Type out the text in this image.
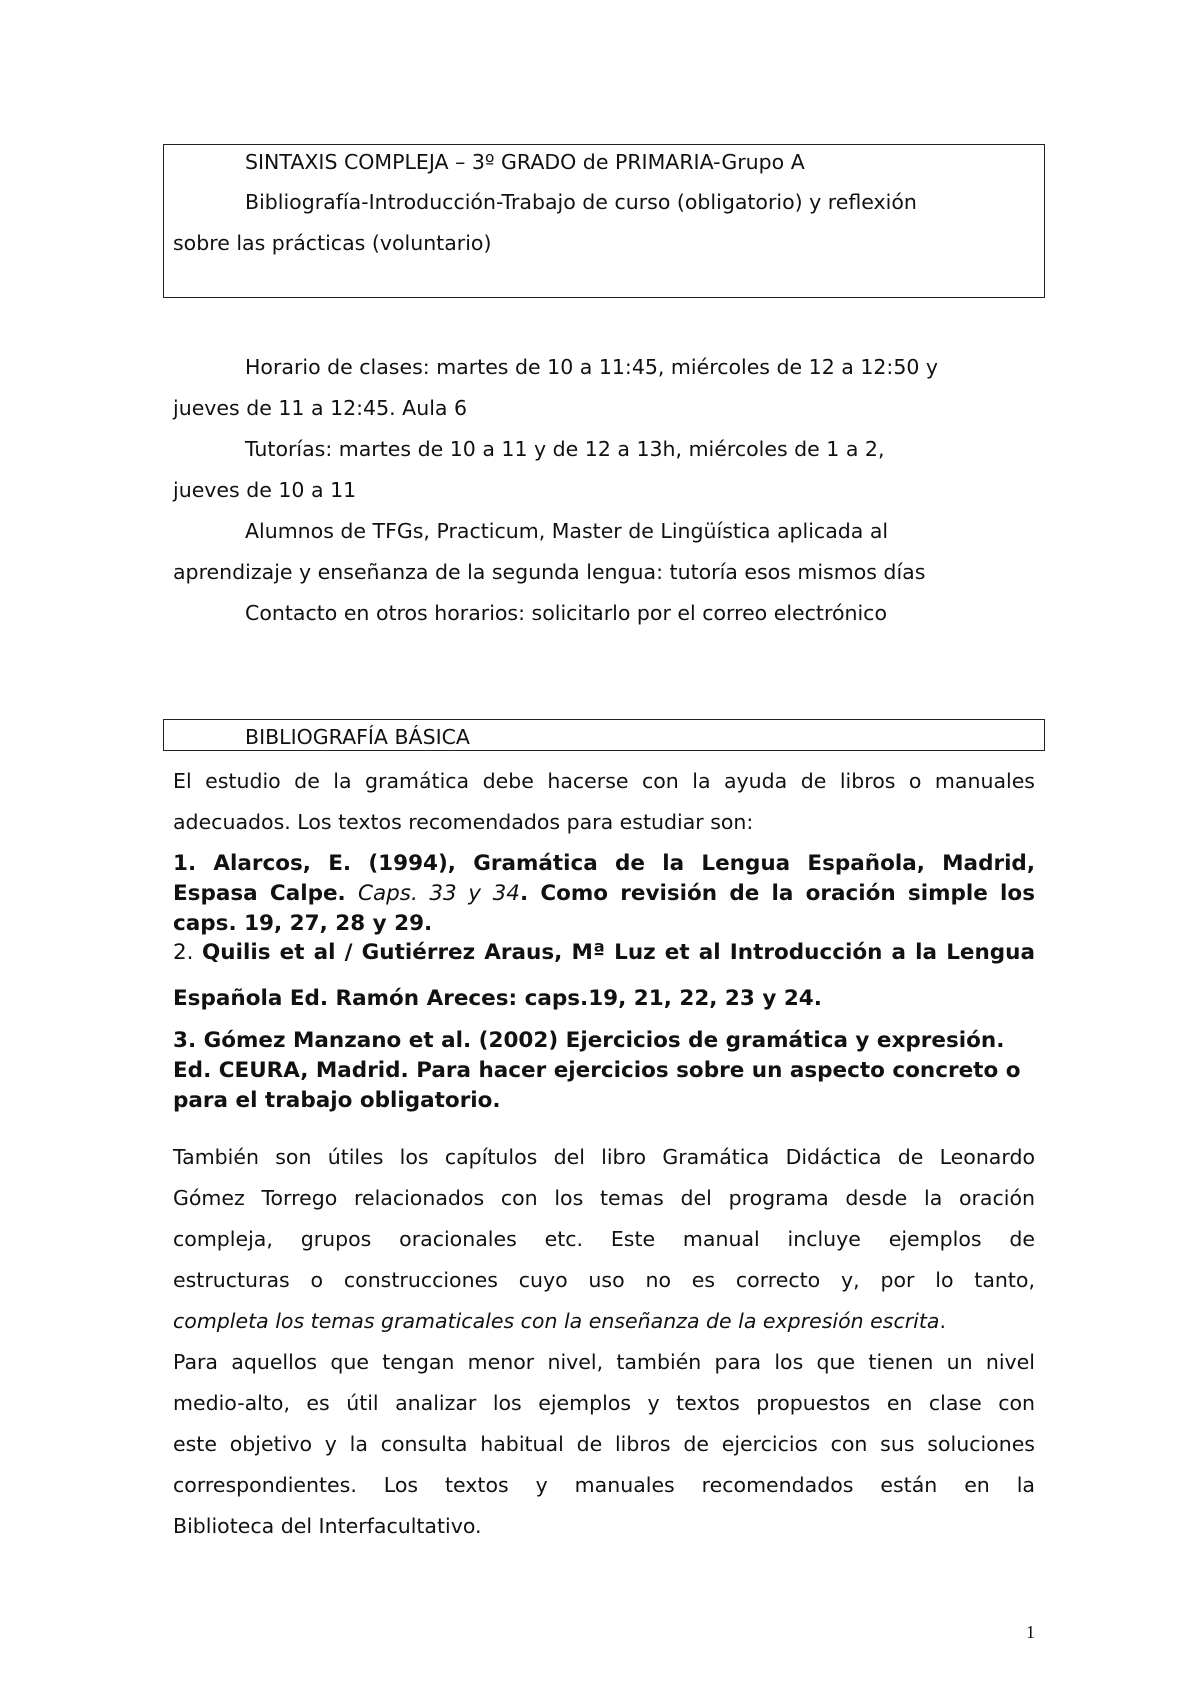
SINTAXIS COMPLEJA – 3º GRADO de PRIMARIA-Grupo A
Bibliografía-Introducción-Trabajo de curso (obligatorio) y reflexión
sobre las prácticas (voluntario)
Horario de clases: martes de 10 a 11:45, miércoles de 12 a 12:50 y
jueves de 11 a 12:45. Aula 6
Tutorías: martes de 10 a 11 y de 12 a 13h, miércoles de 1 a 2,
jueves de 10 a 11
Alumnos de TFGs, Practicum, Master de Lingüística aplicada al
aprendizaje y enseñanza de la segunda lengua: tutoría esos mismos días
Contacto en otros horarios: solicitarlo por el correo electrónico
BIBLIOGRAFÍA BÁSICA
El estudio de la gramática debe hacerse con la ayuda de libros o manuales
adecuados. Los textos recomendados para estudiar son:
1. Alarcos, E. (1994), Gramática de la Lengua Española, Madrid,
Espasa Calpe. Caps. 33 y 34. Como revisión de la oración simple los
caps. 19, 27, 28 y 29.
2. Quilis et al / Gutiérrez Araus, Mª Luz et al Introducción a la Lengua
Española Ed. Ramón Areces: caps.19, 21, 22, 23 y 24.
3. Gómez Manzano et al. (2002) Ejercicios de gramática y expresión.
Ed. CEURA, Madrid. Para hacer ejercicios sobre un aspecto concreto o
para el trabajo obligatorio.
También son útiles los capítulos del libro Gramática Didáctica de Leonardo
Gómez Torrego relacionados con los temas del programa desde la oración
compleja, grupos oracionales etc. Este manual incluye ejemplos de
estructuras o construcciones cuyo uso no es correcto y, por lo tanto,
completa los temas gramaticales con la enseñanza de la expresión escrita.
Para aquellos que tengan menor nivel, también para los que tienen un nivel
medio-alto, es útil analizar los ejemplos y textos propuestos en clase con
este objetivo y la consulta habitual de libros de ejercicios con sus soluciones
correspondientes. Los textos y manuales recomendados están en la
Biblioteca del Interfacultativo.
1
